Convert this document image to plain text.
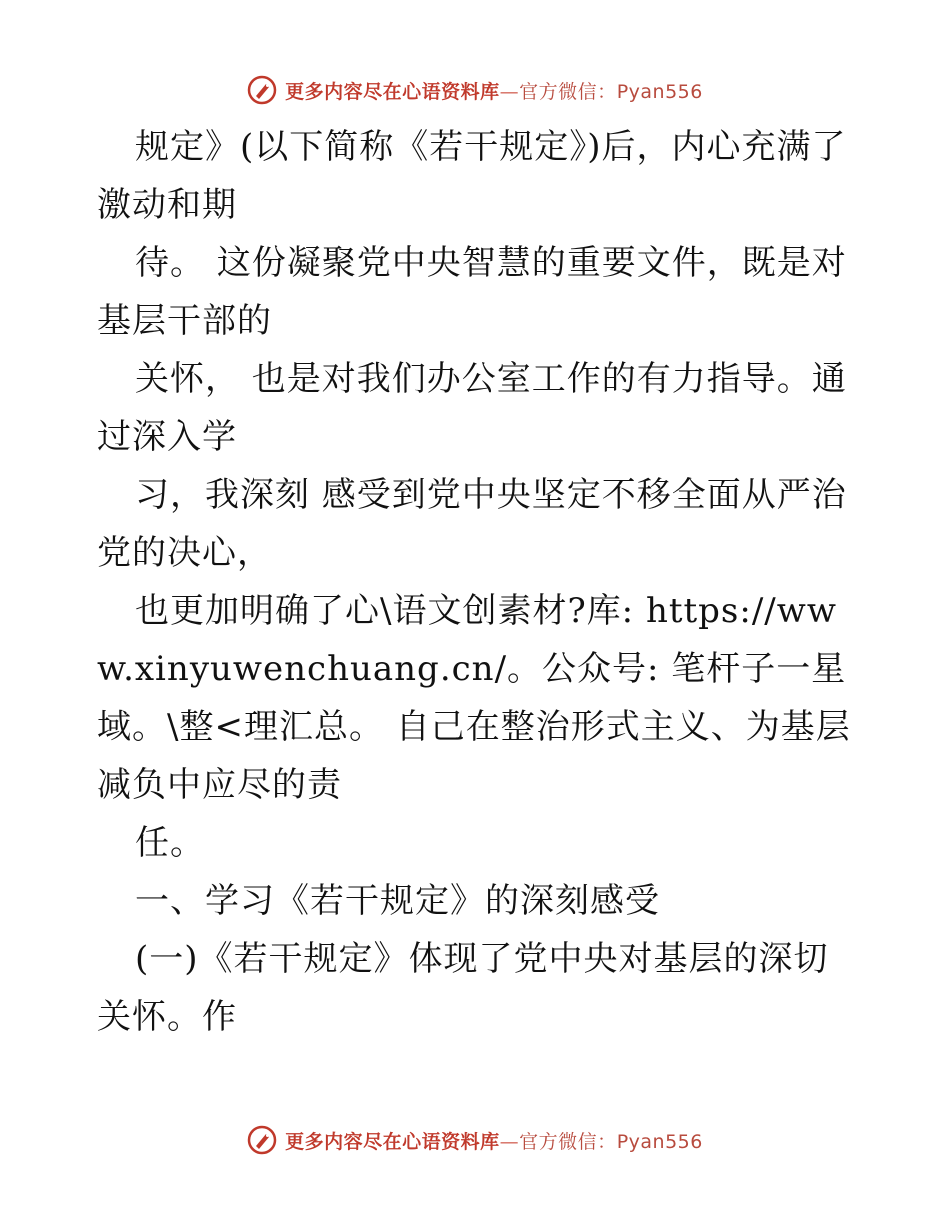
更多内容尽在心语资料库—官方微信：Pyan556

规定》(以下简称《若干规定》)后，内心充满了激动和期

待。 这份凝聚党中央智慧的重要文件，既是对基层干部的

关怀， 也是对我们办公室工作的有力指导。通过深入学

习，我深刻 感受到党中央坚定不移全面从严治党的决心，

也更加明确了心\语文创素材?库: https://www.xinyuwenchuang.cn/。公众号: 笔杆子一星域。\整<理汇总。 自己在整治形式主义、为基层减负中应尽的责

任。

一、学习《若干规定》的深刻感受

(一)《若干规定》体现了党中央对基层的深切关怀。作

更多内容尽在心语资料库—官方微信：Pyan556
